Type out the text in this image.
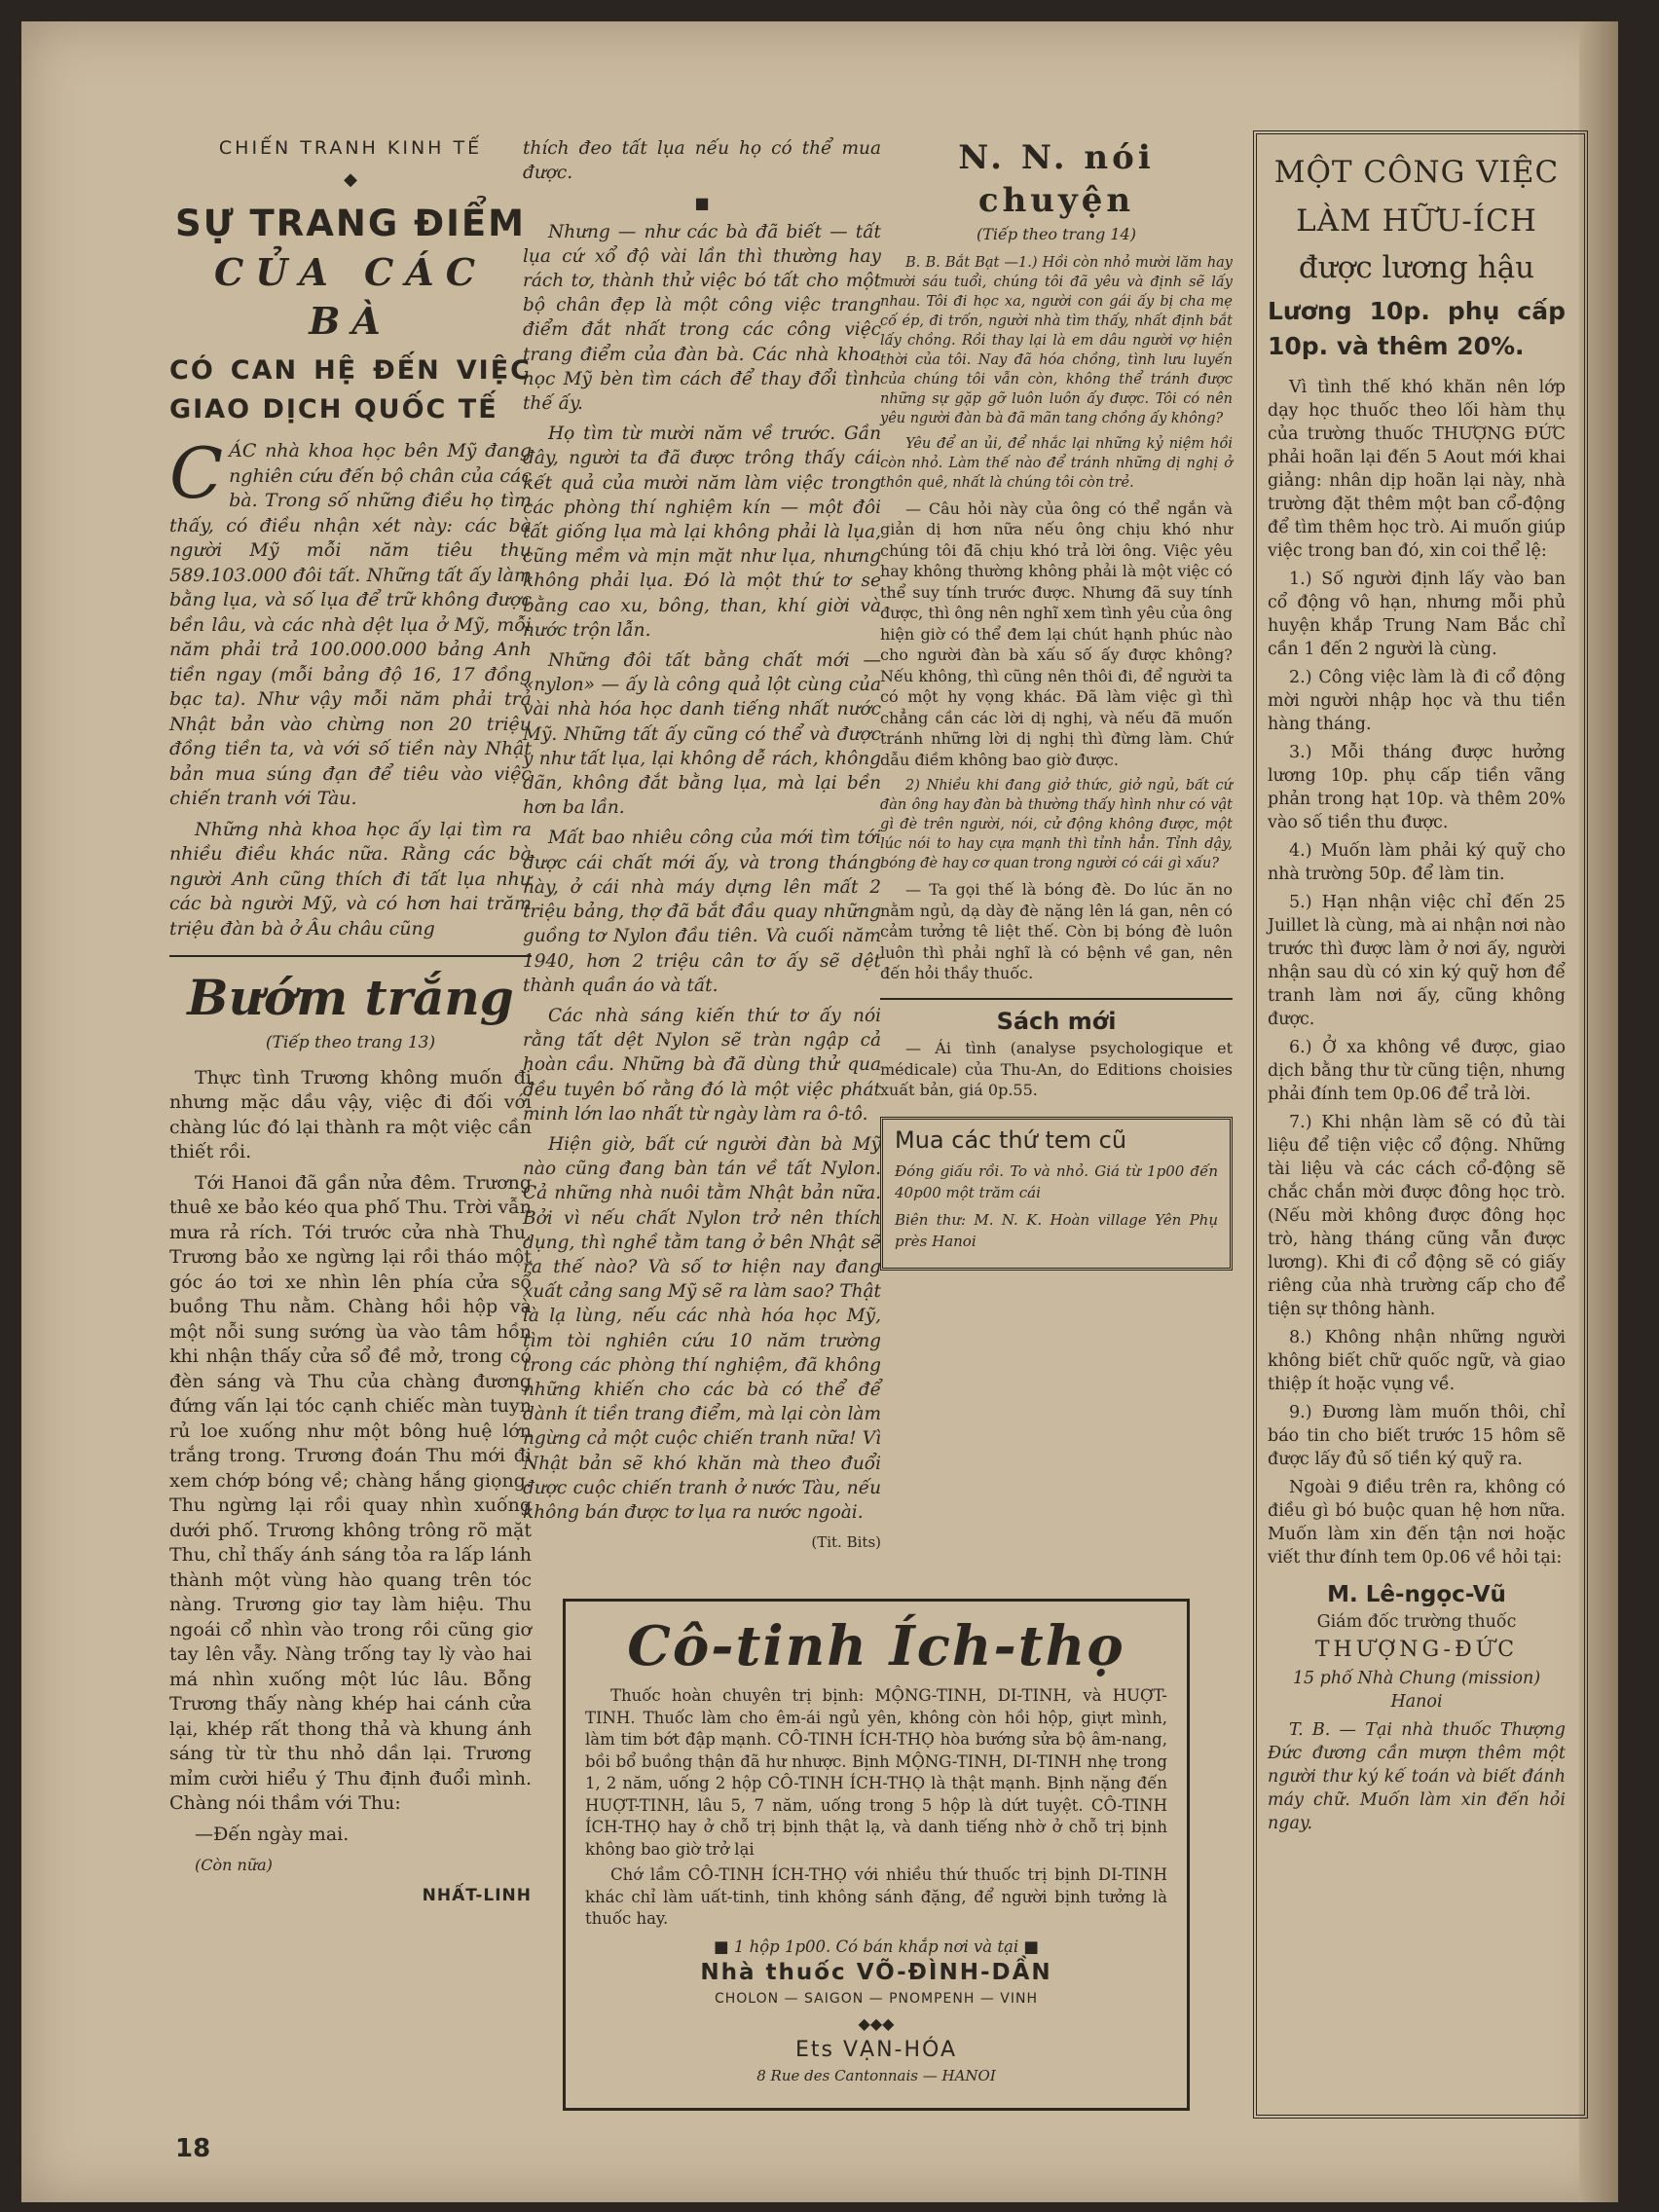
CHIẾN TRANH KINH TẾ
◆
SỰ TRANG ĐIỂM
CỦA CÁC BÀ
CÓ CAN HỆ ĐẾN VIỆC GIAO DỊCH QUỐC TẾ

CÁC nhà khoa học bên Mỹ đang nghiên cứu đến bộ chân của các bà. Trong số những điều họ tìm thấy, có điều nhận xét này: các bà người Mỹ mỗi năm tiêu thụ 589.103.000 đôi tất. Những tất ấy làm bằng lụa, và số lụa để trữ không được bền lâu, và các nhà dệt lụa ở Mỹ, mỗi năm phải trả 100.000.000 bảng Anh tiền ngay (mỗi bảng độ 16, 17 đồng bạc ta). Như vậy mỗi năm phải trả Nhật bản vào chừng non 20 triệu đồng tiền ta, và với số tiền này Nhật bản mua súng đạn để tiêu vào việc chiến tranh với Tàu.

Những nhà khoa học ấy lại tìm ra nhiều điều khác nữa. Rằng các bà người Anh cũng thích đi tất lụa như các bà người Mỹ, và có hơn hai trăm triệu đàn bà ở Âu châu cũng

Bướm trắng
(Tiếp theo trang 13)

Thực tình Trương không muốn đi nhưng mặc dầu vậy, việc đi đối với chàng lúc đó lại thành ra một việc cần thiết rồi.

Tới Hanoi đã gần nửa đêm. Trương thuê xe bảo kéo qua phố Thu. Trời vẫn mưa rả rích. Tới trước cửa nhà Thu, Trương bảo xe ngừng lại rồi tháo một góc áo tơi xe nhìn lên phía cửa sổ buồng Thu nằm. Chàng hồi hộp và một nỗi sung sướng ùa vào tâm hồn khi nhận thấy cửa sổ đề mở, trong có đèn sáng và Thu của chàng đương đứng vấn lại tóc cạnh chiếc màn tuyn rủ loe xuống như một bông huệ lớn trắng trong. Trương đoán Thu mới đi xem chớp bóng về; chàng hắng giọng. Thu ngừng lại rồi quay nhìn xuống dưới phố. Trương không trông rõ mặt Thu, chỉ thấy ánh sáng tỏa ra lấp lánh thành một vùng hào quang trên tóc nàng. Trương giơ tay làm hiệu. Thu ngoái cổ nhìn vào trong rồi cũng giơ tay lên vẫy. Nàng trống tay lỳ vào hai má nhìn xuống một lúc lâu. Bỗng Trương thấy nàng khép hai cánh cửa lại, khép rất thong thả và khung ánh sáng từ từ thu nhỏ dần lại. Trương mỉm cười hiểu ý Thu định đuổi mình. Chàng nói thầm với Thu:

—Đến ngày mai.

(Còn nữa)

NHẤT-LINH

thích đeo tất lụa nếu họ có thể mua được.

■

Nhưng — như các bà đã biết — tất lụa cứ xổ độ vài lần thì thường hay rách tơ, thành thử việc bó tất cho một bộ chân đẹp là một công việc trang điểm đắt nhất trong các công việc trang điểm của đàn bà. Các nhà khoa học Mỹ bèn tìm cách để thay đổi tình thế ấy.

Họ tìm từ mười năm về trước. Gần đây, người ta đã được trông thấy cái kết quả của mười năm làm việc trong các phòng thí nghiệm kín — một đôi tất giống lụa mà lại không phải là lụa, cũng mềm và mịn mặt như lụa, nhưng không phải lụa. Đó là một thứ tơ se bằng cao xu, bông, than, khí giời và nước trộn lẫn.

Những đôi tất bằng chất mới — «nylon» — ấy là công quả lột cùng của vài nhà hóa học danh tiếng nhất nước Mỹ. Những tất ấy cũng có thể và được y như tất lụa, lại không dễ rách, không dãn, không đắt bằng lụa, mà lại bền hơn ba lần.

Mất bao nhiêu công của mới tìm tới được cái chất mới ấy, và trong tháng này, ở cái nhà máy dựng lên mất 2 triệu bảng, thợ đã bắt đầu quay những guồng tơ Nylon đầu tiên. Và cuối năm 1940, hơn 2 triệu cân tơ ấy sẽ dệt thành quần áo và tất.

Các nhà sáng kiến thứ tơ ấy nói rằng tất dệt Nylon sẽ tràn ngập cả hoàn cầu. Những bà đã dùng thử qua đều tuyên bố rằng đó là một việc phát minh lớn lao nhất từ ngày làm ra ô-tô.

Hiện giờ, bất cứ người đàn bà Mỹ nào cũng đang bàn tán về tất Nylon. Cả những nhà nuôi tằm Nhật bản nữa. Bởi vì nếu chất Nylon trở nên thích dụng, thì nghề tằm tang ở bên Nhật sẽ ra thế nào? Và số tơ hiện nay đang xuất cảng sang Mỹ sẽ ra làm sao? Thật là lạ lùng, nếu các nhà hóa học Mỹ, tìm tòi nghiên cứu 10 năm trường trong các phòng thí nghiệm, đã không những khiến cho các bà có thể để dành ít tiền trang điểm, mà lại còn làm ngừng cả một cuộc chiến tranh nữa! Vì Nhật bản sẽ khó khăn mà theo đuổi được cuộc chiến tranh ở nước Tàu, nếu không bán được tơ lụa ra nước ngoài.

(Tit. Bits)
N. N. nói chuyện
(Tiếp theo trang 14)

B. B. Bắt Bạt —1.) Hồi còn nhỏ mười lăm hay mười sáu tuổi, chúng tôi đã yêu và định sẽ lấy nhau. Tôi đi học xa, người con gái ấy bị cha mẹ cố ép, đi trốn, người nhà tìm thấy, nhất định bắt lấy chồng. Rồi thay lại là em dâu người vợ hiện thời của tôi. Nay đã hóa chồng, tình lưu luyến của chúng tôi vẫn còn, không thể tránh được những sự gặp gỡ luôn luôn ấy được. Tôi có nên yêu người đàn bà đã mãn tang chồng ấy không?

Yêu để an ủi, để nhắc lại những kỷ niệm hồi còn nhỏ. Làm thế nào để tránh những dị nghị ở thôn quê, nhất là chúng tôi còn trẻ.

— Câu hỏi này của ông có thể ngắn và giản dị hơn nữa nếu ông chịu khó như chúng tôi đã chịu khó trả lời ông. Việc yêu hay không thường không phải là một việc có thể suy tính trước được. Nhưng đã suy tính được, thì ông nên nghĩ xem tình yêu của ông hiện giờ có thể đem lại chút hạnh phúc nào cho người đàn bà xấu số ấy được không? Nếu không, thì cũng nên thôi đi, để người ta có một hy vọng khác. Đã làm việc gì thì chẳng cần các lời dị nghị, và nếu đã muốn tránh những lời dị nghị thì đừng làm. Chứ dẫu điềm không bao giờ được.

2) Nhiều khi đang giở thức, giở ngủ, bất cứ đàn ông hay đàn bà thường thấy hình như có vật gì đè trên người, nói, cử động không được, một lúc nói to hay cựa mạnh thì tỉnh hẳn. Tỉnh dậy, bóng đè hay cơ quan trong người có cái gì xấu?

— Ta gọi thế là bóng đè. Do lúc ăn no nằm ngủ, dạ dày đè nặng lên lá gan, nên có cảm tưởng tê liệt thế. Còn bị bóng đè luôn luôn thì phải nghĩ là có bệnh về gan, nên đến hỏi thầy thuốc.

Sách mới

— Ái tình (analyse psychologique et médicale) của Thu-An, do Editions choisies xuất bản, giá 0p.55.

Mua các thứ tem cũ

Đóng giấu rồi. To và nhỏ. Giá từ 1p00 đến 40p00 một trăm cái

Biên thư: M. N. K. Hoàn village Yên Phụ près Hanoi

MỘT CÔNG VIỆC
LÀM HỮU-ÍCH
được lương hậu
Lương 10p. phụ cấp 10p. và thêm 20%.

Vì tình thế khó khăn nên lớp dạy học thuốc theo lối hàm thụ của trường thuốc THƯỢNG ĐỨC phải hoãn lại đến 5 Aout mới khai giảng: nhân dịp hoãn lại này, nhà trường đặt thêm một ban cổ-động để tìm thêm học trò. Ai muốn giúp việc trong ban đó, xin coi thể lệ:

1.) Số người định lấy vào ban cổ động vô hạn, nhưng mỗi phủ huyện khắp Trung Nam Bắc chỉ cần 1 đến 2 người là cùng.

2.) Công việc làm là đi cổ động mời người nhập học và thu tiền hàng tháng.

3.) Mỗi tháng được hưởng lương 10p. phụ cấp tiền vãng phản trong hạt 10p. và thêm 20% vào số tiền thu được.

4.) Muốn làm phải ký quỹ cho nhà trường 50p. để làm tin.

5.) Hạn nhận việc chỉ đến 25 Juillet là cùng, mà ai nhận nơi nào trước thì được làm ở nơi ấy, người nhận sau dù có xin ký quỹ hơn để tranh làm nơi ấy, cũng không được.

6.) Ở xa không về được, giao dịch bằng thư từ cũng tiện, nhưng phải đính tem 0p.06 để trả lời.

7.) Khi nhận làm sẽ có đủ tài liệu để tiện việc cổ động. Những tài liệu và các cách cổ-động sẽ chắc chắn mời được đông học trò. (Nếu mời không được đông học trò, hàng tháng cũng vẫn được lương). Khi đi cổ động sẽ có giấy riêng của nhà trường cấp cho để tiện sự thông hành.

8.) Không nhận những người không biết chữ quốc ngữ, và giao thiệp ít hoặc vụng về.

9.) Đương làm muốn thôi, chỉ báo tin cho biết trước 15 hôm sẽ được lấy đủ số tiền ký quỹ ra.

Ngoài 9 điều trên ra, không có điều gì bó buộc quan hệ hơn nữa. Muốn làm xin đến tận nơi hoặc viết thư đính tem 0p.06 về hỏi tại:

M. Lê-ngọc-Vũ

Giám đốc trường thuốc

THƯỢNG-ĐỨC

15 phố Nhà Chung (mission) Hanoi

T. B. — Tại nhà thuốc Thượng Đức đương cần mượn thêm một người thư ký kế toán và biết đánh máy chữ. Muốn làm xin đến hỏi ngay.

Cô-tinh Ích-thọ

Thuốc hoàn chuyên trị bịnh: MỘNG-TINH, DI-TINH, và HUỢT-TINH. Thuốc làm cho êm-ái ngủ yên, không còn hồi hộp, giựt mình, làm tim bớt đập mạnh. CÔ-TINH ÍCH-THỌ hòa bướng sửa bộ âm-nang, bồi bổ buồng thận đã hư nhược. Bịnh MỘNG-TINH, DI-TINH nhẹ trong 1, 2 năm, uống 2 hộp CÔ-TINH ÍCH-THỌ là thật mạnh. Bịnh nặng đến HUỢT-TINH, lâu 5, 7 năm, uống trong 5 hộp là dứt tuyệt. CÔ-TINH ÍCH-THỌ hay ở chỗ trị bịnh thật lạ, và danh tiếng nhờ ở chỗ trị bịnh không bao giờ trở lại

Chớ lầm CÔ-TINH ÍCH-THỌ với nhiều thứ thuốc trị bịnh DI-TINH khác chỉ làm uất-tinh, tinh không sánh đặng, để người bịnh tưởng là thuốc hay.

■ 1 hộp 1p00. Có bán khắp nơi và tại ■

Nhà thuốc VÕ-ĐÌNH-DẦN

CHOLON — SAIGON — PNOMPENH — VINH

◆◆◆

Ets VẠN-HÓA

8 Rue des Cantonnais — HANOI

18
